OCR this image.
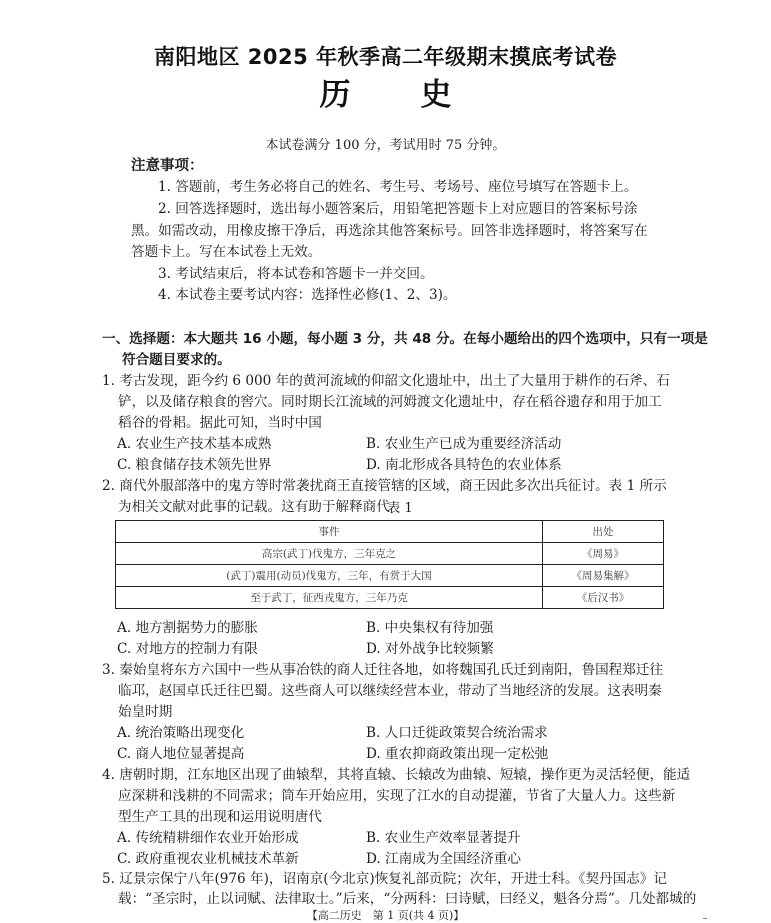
南阳地区 2025 年秋季高二年级期末摸底考试卷
历 史
本试卷满分 100 分，考试用时 75 分钟。
注意事项：
1. 答题前，考生务必将自己的姓名、考生号、考场号、座位号填写在答题卡上。
2. 回答选择题时，选出每小题答案后，用铅笔把答题卡上对应题目的答案标号涂
黑。如需改动，用橡皮擦干净后，再选涂其他答案标号。回答非选择题时，将答案写在
答题卡上。写在本试卷上无效。
3. 考试结束后，将本试卷和答题卡一并交回。
4. 本试卷主要考试内容：选择性必修(1、2、3)。
一、选择题：本大题共 16 小题，每小题 3 分，共 48 分。在每小题给出的四个选项中，只有一项是
符合题目要求的。
1. 考古发现，距今约 6 000 年的黄河流域的仰韶文化遗址中，出土了大量用于耕作的石斧、石
铲，以及储存粮食的窖穴。同时期长江流域的河姆渡文化遗址中，存在稻谷遗存和用于加工
稻谷的骨耜。据此可知，当时中国
A. 农业生产技术基本成熟	B. 农业生产已成为重要经济活动
C. 粮食储存技术领先世界	D. 南北形成各具特色的农业体系
2. 商代外服部落中的鬼方等时常袭扰商王直接管辖的区域，商王因此多次出兵征讨。表 1 所示
为相关文献对此事的记载。这有助于解释商代
表 1
事件	出处
高宗(武丁)伐鬼方，三年克之	《周易》
(武丁)震用(动员)伐鬼方，三年，有赏于大国	《周易集解》
至于武丁，征西戎鬼方，三年乃克	《后汉书》
A. 地方割据势力的膨胀	B. 中央集权有待加强
C. 对地方的控制力有限	D. 对外战争比较频繁
3. 秦始皇将东方六国中一些从事冶铁的商人迁往各地，如将魏国孔氏迁到南阳，鲁国程郑迁往
临邛，赵国卓氏迁往巴蜀。这些商人可以继续经营本业，带动了当地经济的发展。这表明秦
始皇时期
A. 统治策略出现变化	B. 人口迁徙政策契合统治需求
C. 商人地位显著提高	D. 重农抑商政策出现一定松弛
4. 唐朝时期，江东地区出现了曲辕犁，其将直辕、长辕改为曲辕、短辕，操作更为灵活轻便，能适
应深耕和浅耕的不同需求；筒车开始应用，实现了江水的自动提灌，节省了大量人力。这些新
型生产工具的出现和运用说明唐代
A. 传统精耕细作农业开始形成	B. 农业生产效率显著提升
C. 政府重视农业机械技术革新	D. 江南成为全国经济重心
5. 辽景宗保宁八年(976 年)，诏南京(今北京)恢复礼部贡院；次年，开进士科。《契丹国志》记
载：“圣宗时，止以词赋、法律取士。”后来，“分两科：曰诗赋，曰经义，魁各分焉”。几处都城的
【高二历史　第 1 页(共 4 页)】
